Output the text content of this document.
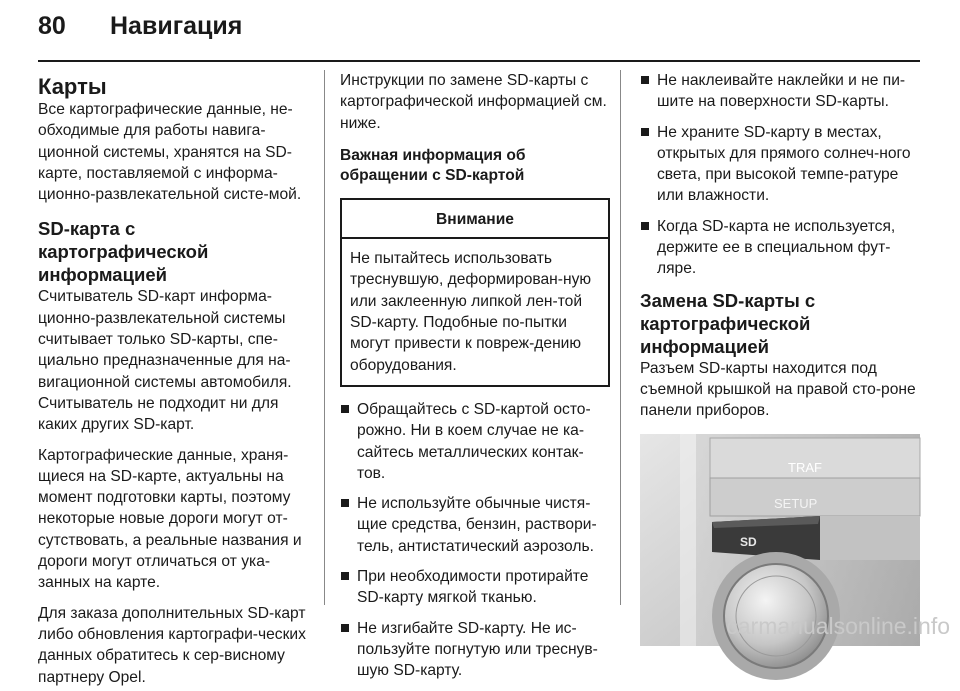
80	Навигация
Карты

Все картографические данные, не-обходимые для работы навига-ционной системы, хранятся на SD-карте, поставляемой с информа-ционно-развлекательной систе-мой.

SD-карта с картографической информацией

Считыватель SD-карт информа-ционно-развлекательной системы считывает только SD-карты, спе-циально предназначенные для на-вигационной системы автомобиля. Считыватель не подходит ни для каких других SD-карт.

Картографические данные, храня-щиеся на SD-карте, актуальны на момент подготовки карты, поэтому некоторые новые дороги могут от-сутствовать, а реальные названия и дороги могут отличаться от ука-занных на карте.

Для заказа дополнительных SD-карт либо обновления картографи-ческих данных обратитесь к сер-висному партнеру Opel.

Инструкции по замене SD-карты с картографической информацией см. ниже.

Важная информация об обращении с SD-картой
Внимание
Не пытайтесь использовать треснувшую, деформирован-ную или заклеенную липкой лен-той SD-карту. Подобные по-пытки могут привести к повреж-дению оборудования.
Обращайтесь с SD-картой осто-рожно. Ни в коем случае не ка-сайтесь металлических контак-тов.
Не используйте обычные чистя-щие средства, бензин, раствори-тель, антистатический аэрозоль.
При необходимости протирайте SD-карту мягкой тканью.
Не изгибайте SD-карту. Не ис-пользуйте погнутую или треснув-шую SD-карту.
Не наклеивайте наклейки и не пи-шите на поверхности SD-карты.
Не храните SD-карту в местах, открытых для прямого солнеч-ного света, при высокой темпе-ратуре или влажности.
Когда SD-карта не используется, держите ее в специальном фут-ляре.
Замена SD-карты с картографической информацией

Разъем SD-карты находится под съемной крышкой на правой сто-роне панели приборов.

TRAF
SETUP
SD
carmanualsonline.info
